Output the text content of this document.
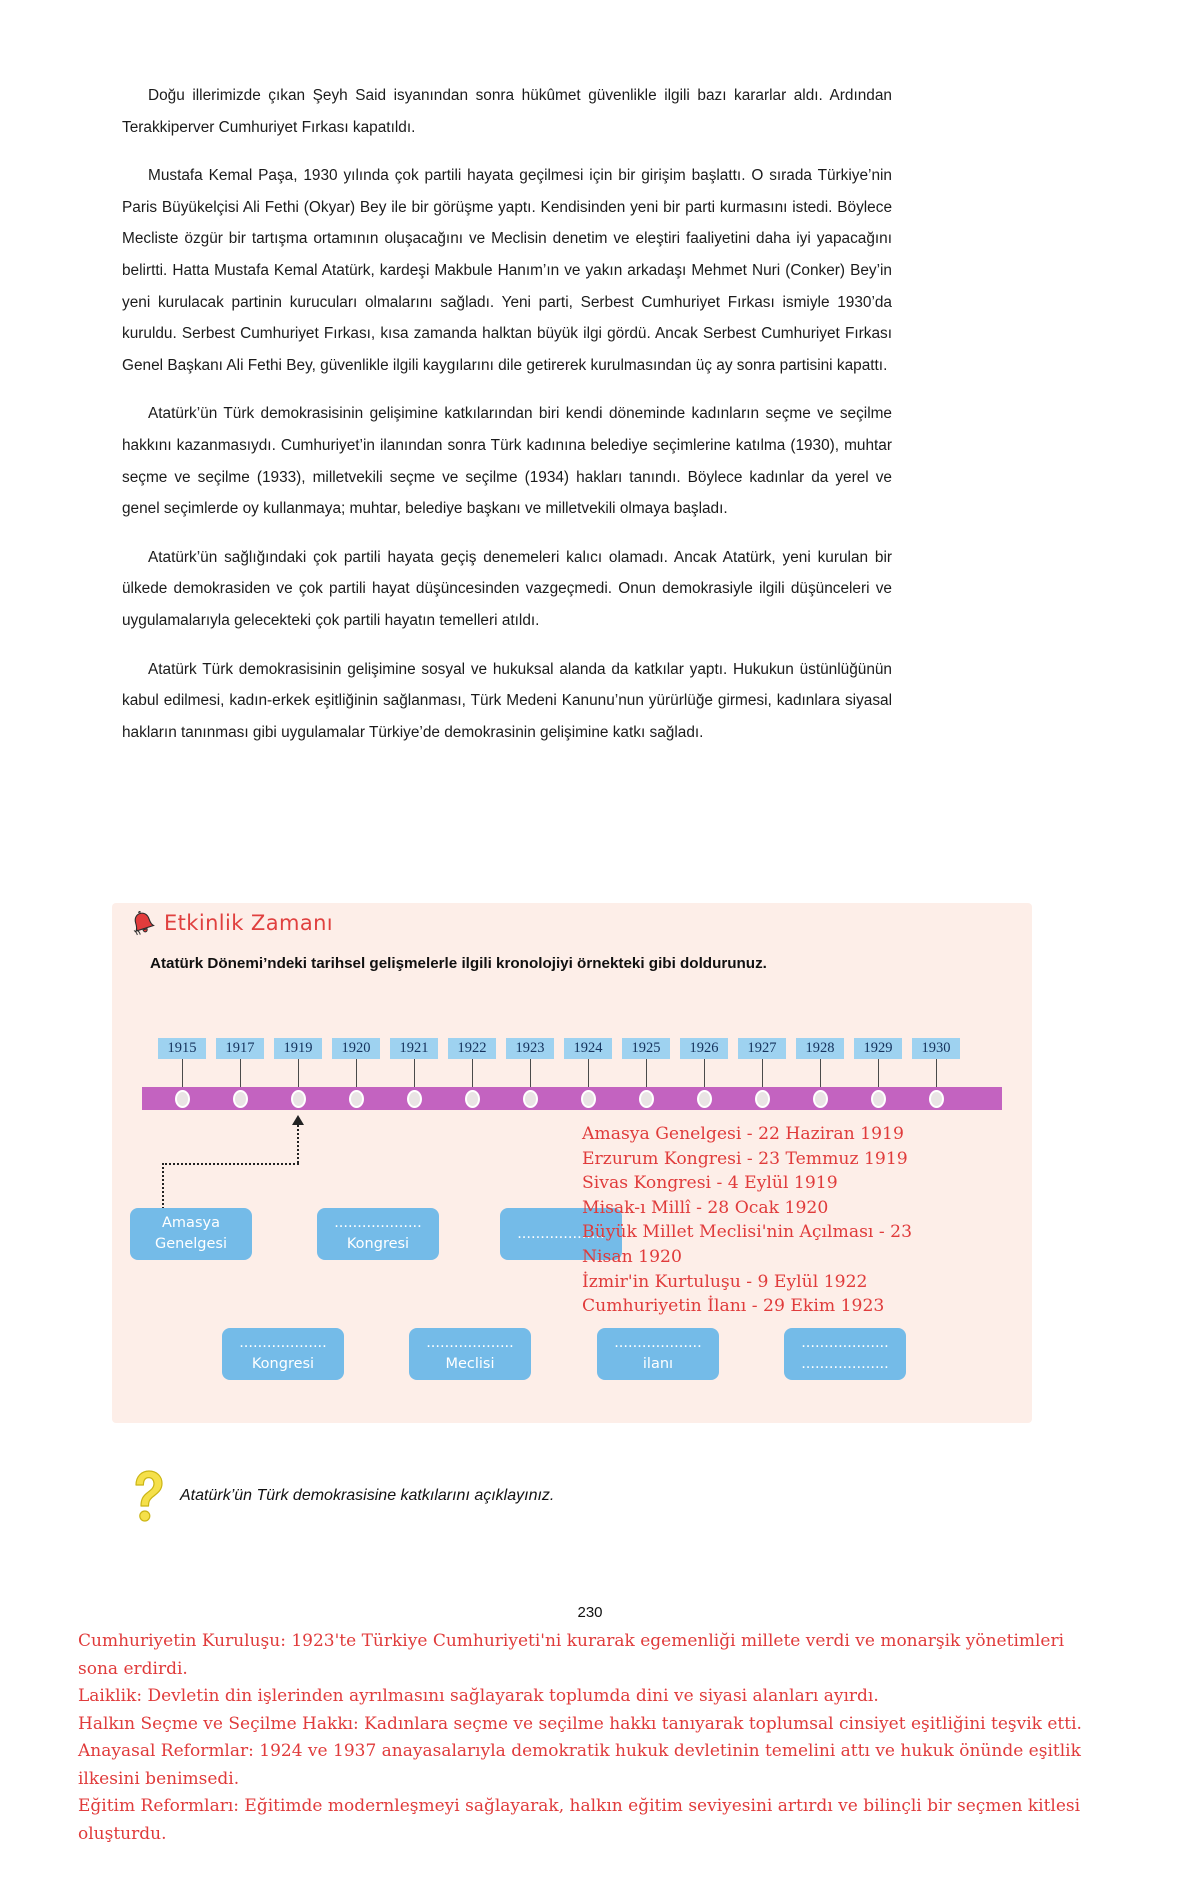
Doğu illerimizde çıkan Şeyh Said isyanından sonra hükûmet güvenlikle ilgili bazı kararlar aldı. Ardından Terakkiperver Cumhuriyet Fırkası kapatıldı.

Mustafa Kemal Paşa, 1930 yılında çok partili hayata geçilmesi için bir girişim başlattı. O sırada Türkiye’nin Paris Büyükelçisi Ali Fethi (Okyar) Bey ile bir görüşme yaptı. Kendisinden yeni bir parti kurmasını istedi. Böylece Mecliste özgür bir tartışma ortamının oluşacağını ve Meclisin denetim ve eleştiri faaliyetini daha iyi yapacağını belirtti. Hatta Mustafa Kemal Atatürk, kardeşi Makbule Hanım’ın ve yakın arkadaşı Mehmet Nuri (Conker) Bey’in yeni kurulacak partinin kurucuları olmalarını sağladı. Yeni parti, Serbest Cumhuriyet Fırkası ismiyle 1930’da kuruldu. Serbest Cumhuriyet Fırkası, kısa zamanda halktan büyük ilgi gördü. Ancak Serbest Cumhuriyet Fırkası Genel Başkanı Ali Fethi Bey, güvenlikle ilgili kaygılarını dile getirerek kurulmasından üç ay sonra partisini kapattı.

Atatürk’ün Türk demokrasisinin gelişimine katkılarından biri kendi döneminde kadınların seçme ve seçilme hakkını kazanmasıydı. Cumhuriyet’in ilanından sonra Türk kadınına belediye seçimlerine katılma (1930), muhtar seçme ve seçilme (1933), milletvekili seçme ve seçilme (1934) hakları tanındı. Böylece kadınlar da yerel ve genel seçimlerde oy kullanmaya; muhtar, belediye başkanı ve milletvekili olmaya başladı.

Atatürk’ün sağlığındaki çok partili hayata geçiş denemeleri kalıcı olamadı. Ancak Atatürk, yeni kurulan bir ülkede demokrasiden ve çok partili hayat düşüncesinden vazgeçmedi. Onun demokrasiyle ilgili düşünceleri ve uygulamalarıyla gelecekteki çok partili hayatın temelleri atıldı.

Atatürk Türk demokrasisinin gelişimine sosyal ve hukuksal alanda da katkılar yaptı. Hukukun üstünlüğünün kabul edilmesi, kadın-erkek eşitliğinin sağlanması, Türk Medeni Kanunu’nun yürürlüğe girmesi, kadınlara siyasal hakların tanınması gibi uygulamalar Türkiye’de demokrasinin gelişimine katkı sağladı.

Etkinlik Zamanı
Atatürk Dönemi’ndeki tarihsel gelişmelerle ilgili kronolojiyi örnekteki gibi doldurunuz.
1915	1917	1919	1920	1921	1922	1923	1924	1925	1926	1927	1928	1929	1930
Amasya
Genelgesi
...................
Kongresi
...................
...................
Kongresi
...................
Meclisi
...................
ilanı
...................
...................
Amasya Genelgesi - 22 Haziran 1919
Erzurum Kongresi - 23 Temmuz 1919
Sivas Kongresi - 4 Eylül 1919
Misak-ı Millî - 28 Ocak 1920
Büyük Millet Meclisi'nin Açılması - 23 Nisan 1920
İzmir'in Kurtuluşu - 9 Eylül 1922
Cumhuriyetin İlanı - 29 Ekim 1923
Atatürk’ün Türk demokrasisine katkılarını açıklayınız.
230

Cumhuriyetin Kuruluşu: 1923'te Türkiye Cumhuriyeti'ni kurarak egemenliği millete verdi ve monarşik yönetimleri sona erdirdi.

Laiklik: Devletin din işlerinden ayrılmasını sağlayarak toplumda dini ve siyasi alanları ayırdı.

Halkın Seçme ve Seçilme Hakkı: Kadınlara seçme ve seçilme hakkı tanıyarak toplumsal cinsiyet eşitliğini teşvik etti.

Anayasal Reformlar: 1924 ve 1937 anayasalarıyla demokratik hukuk devletinin temelini attı ve hukuk önünde eşitlik ilkesini benimsedi.

Eğitim Reformları: Eğitimde modernleşmeyi sağlayarak, halkın eğitim seviyesini artırdı ve bilinçli bir seçmen kitlesi oluşturdu.
